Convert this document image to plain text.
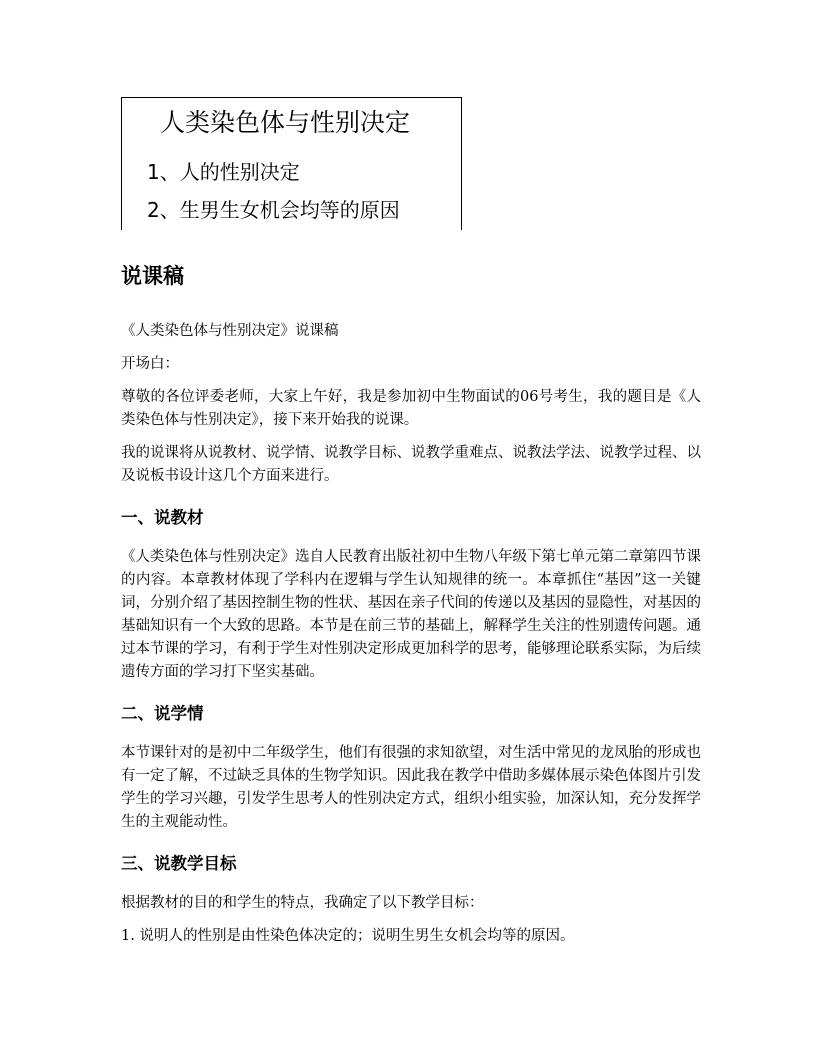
人类染色体与性别决定
1、人的性别决定
2、生男生女机会均等的原因
说课稿

《人类染色体与性别决定》说课稿

开场白：

尊敬的各位评委老师，大家上午好，我是参加初中生物面试的06号考生，我的题目是《人类染色体与性别决定》，接下来开始我的说课。

我的说课将从说教材、说学情、说教学目标、说教学重难点、说教法学法、说教学过程、以及说板书设计这几个方面来进行。

一、说教材

《人类染色体与性别决定》选自人民教育出版社初中生物八年级下第七单元第二章第四节课的内容。本章教材体现了学科内在逻辑与学生认知规律的统一。本章抓住“基因”这一关键词，分别介绍了基因控制生物的性状、基因在亲子代间的传递以及基因的显隐性，对基因的基础知识有一个大致的思路。本节是在前三节的基础上，解释学生关注的性别遗传问题。通过本节课的学习，有利于学生对性别决定形成更加科学的思考，能够理论联系实际，为后续遗传方面的学习打下坚实基础。

二、说学情

本节课针对的是初中二年级学生，他们有很强的求知欲望，对生活中常见的龙凤胎的形成也有一定了解，不过缺乏具体的生物学知识。因此我在教学中借助多媒体展示染色体图片引发学生的学习兴趣，引发学生思考人的性别决定方式，组织小组实验，加深认知，充分发挥学生的主观能动性。

三、说教学目标

根据教材的目的和学生的特点，我确定了以下教学目标：

1. 说明人的性别是由性染色体决定的；说明生男生女机会均等的原因。
